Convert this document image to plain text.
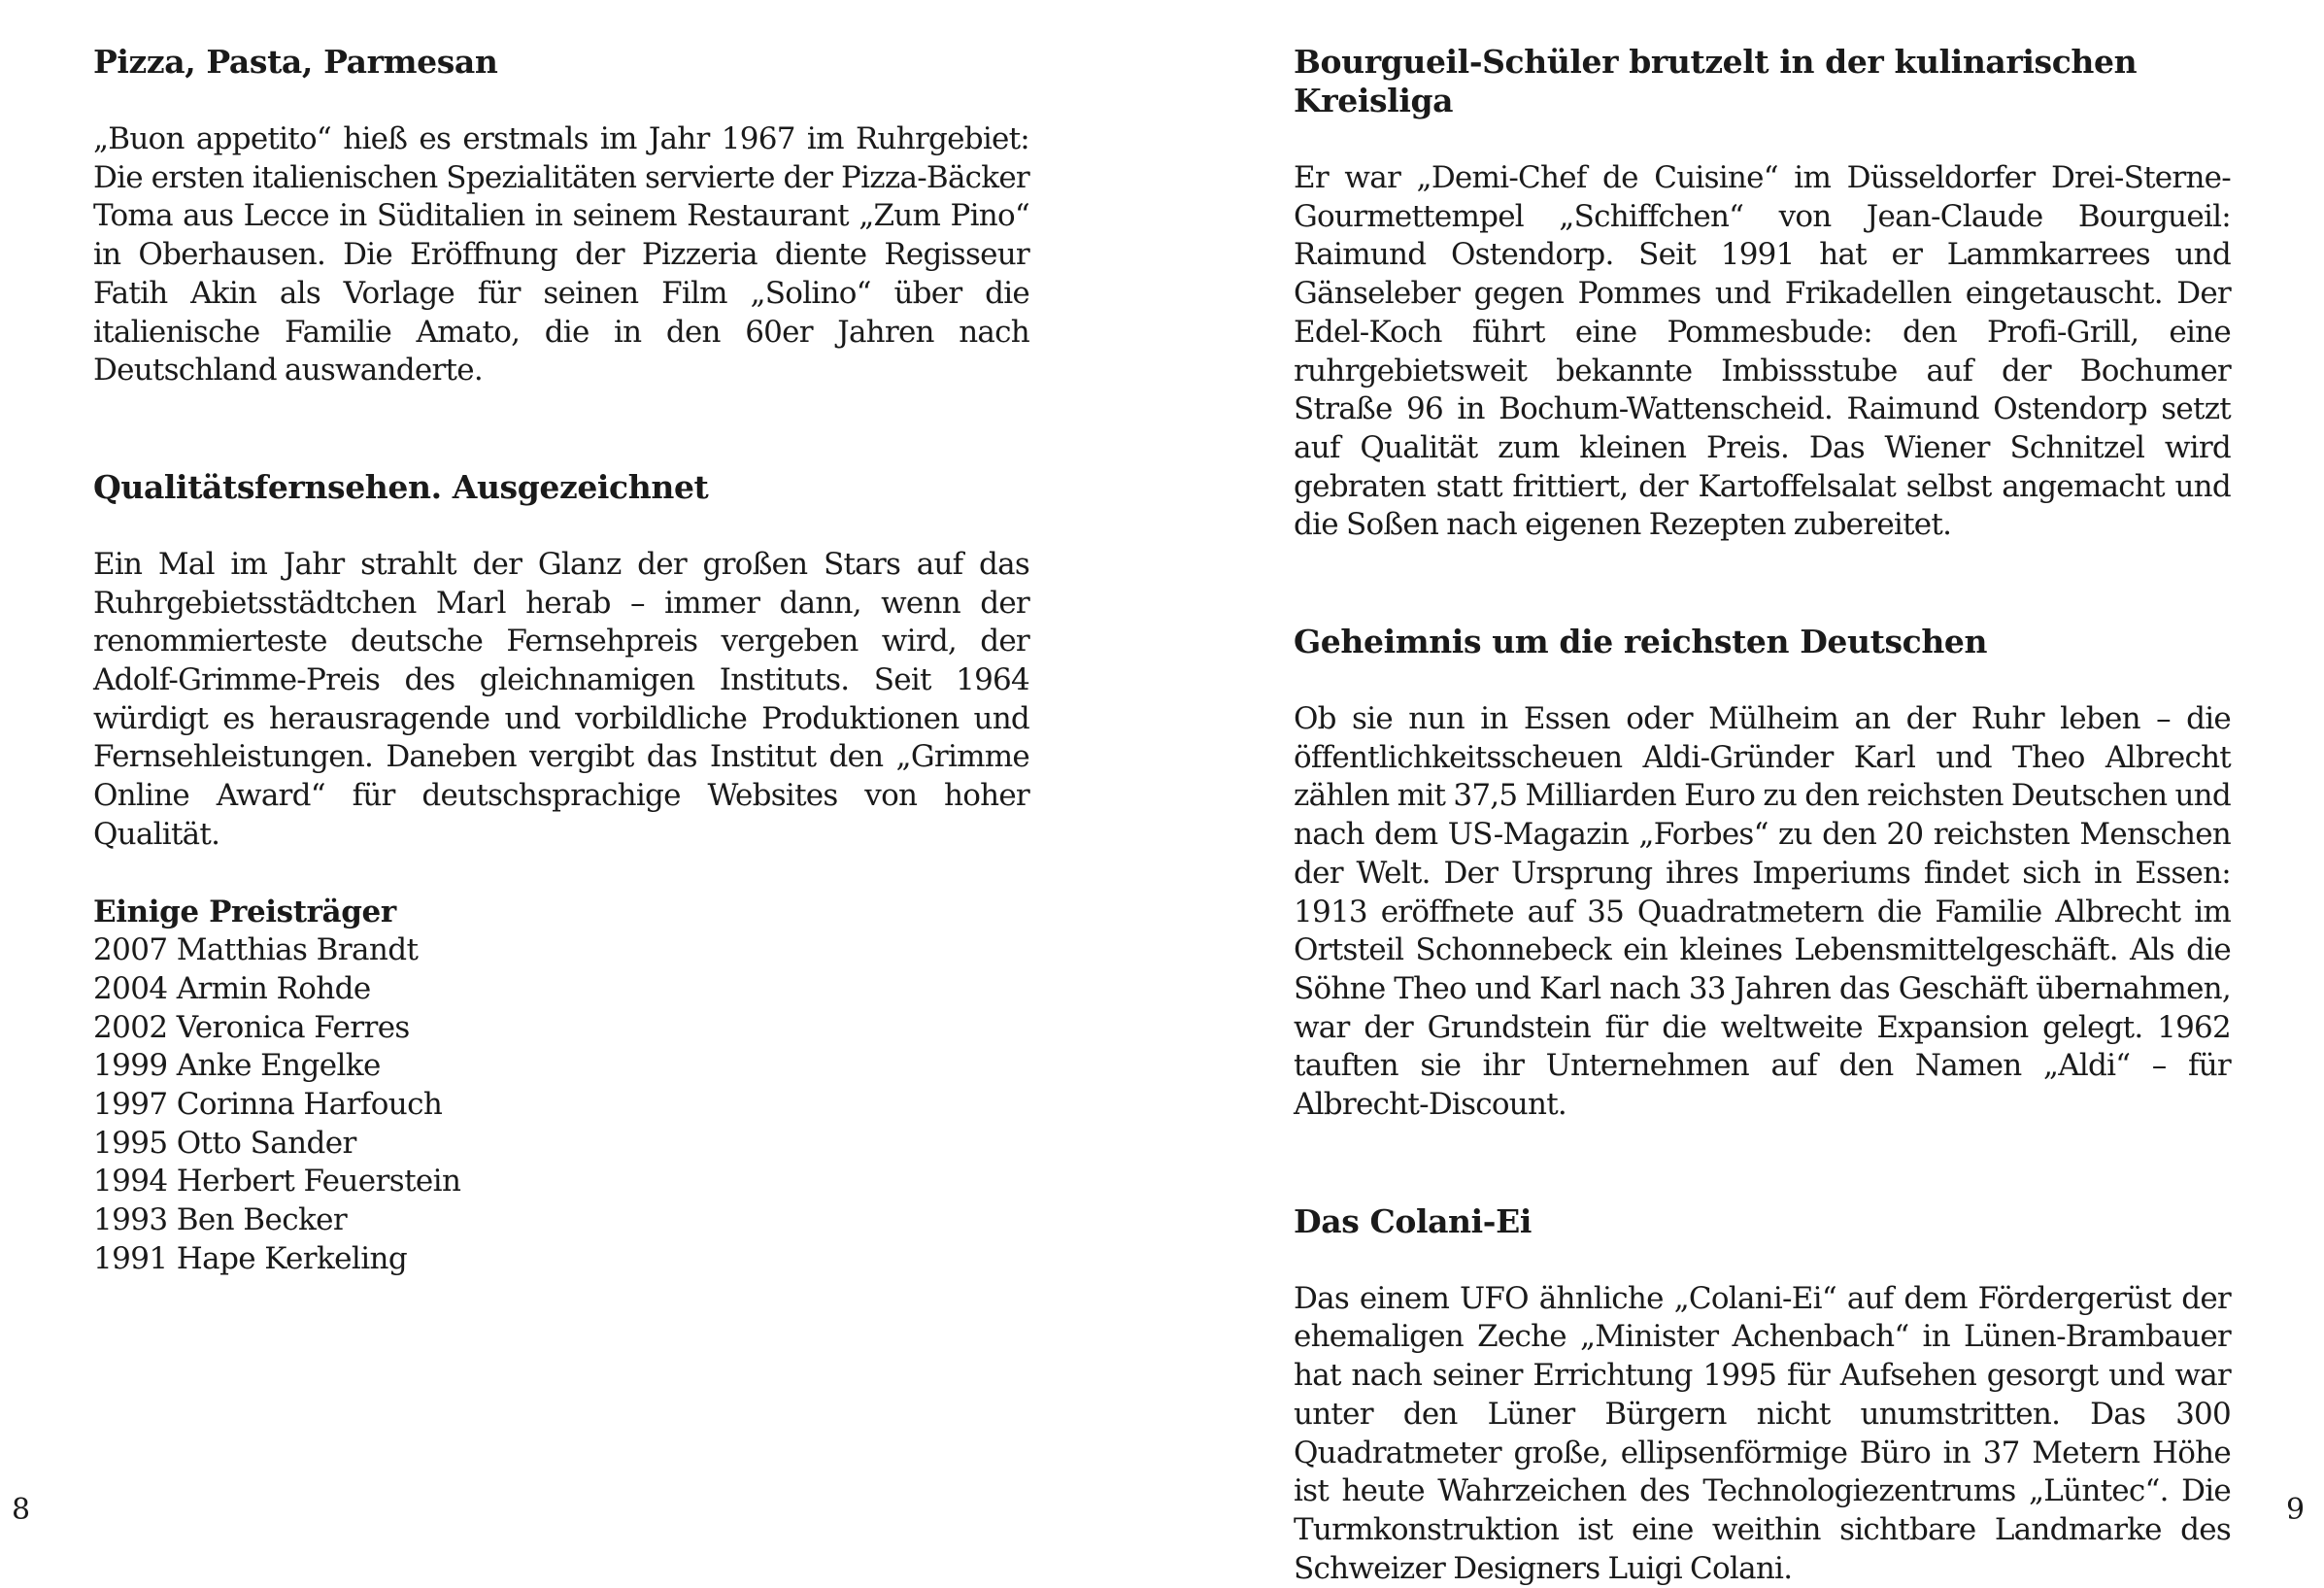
Pizza, Pasta, Parmesan

„Buon appetito“ hieß es erstmals im Jahr 1967 im Ruhrgebiet: Die ersten italienischen Spezialitäten servierte der Pizza-Bäcker Toma aus Lecce in Süditalien in seinem Restaurant „Zum Pino“ in Oberhausen. Die Eröffnung der Pizzeria diente Regisseur Fatih Akin als Vorlage für seinen Film „Solino“ über die italienische Familie Amato, die in den 60er Jahren nach Deutschland auswanderte.

Qualitätsfernsehen. Ausgezeichnet

Ein Mal im Jahr strahlt der Glanz der großen Stars auf das Ruhrgebietsstädtchen Marl herab – immer dann, wenn der renommierteste deutsche Fernsehpreis vergeben wird, der Adolf-Grimme-Preis des gleichnamigen Instituts. Seit 1964 würdigt es herausragende und vorbildliche Produktionen und Fernsehleistungen. Daneben vergibt das Institut den „Grimme Online Award“ für deutschsprachige Websites von hoher Qualität.

Einige Preisträger
2007 Matthias Brandt
2004 Armin Rohde
2002 Veronica Ferres
1999 Anke Engelke
1997 Corinna Harfouch
1995 Otto Sander
1994 Herbert Feuerstein
1993 Ben Becker
1991 Hape Kerkeling
Bourgueil-Schüler brutzelt in der kulinarischen Kreisliga

Er war „Demi-Chef de Cuisine“ im Düsseldorfer Drei-Sterne-Gourmettempel „Schiffchen“ von Jean-Claude Bourgueil: Raimund Ostendorp. Seit 1991 hat er Lammkarrees und Gänseleber gegen Pommes und Frikadellen eingetauscht. Der Edel-Koch führt eine Pommesbude: den Profi-Grill, eine ruhrgebietsweit bekannte Imbissstube auf der Bochumer Straße 96 in Bochum-Wattenscheid. Raimund Ostendorp setzt auf Qualität zum kleinen Preis. Das Wiener Schnitzel wird gebraten statt frittiert, der Kartoffelsalat selbst angemacht und die Soßen nach eigenen Rezepten zubereitet.

Geheimnis um die reichsten Deutschen

Ob sie nun in Essen oder Mülheim an der Ruhr leben – die öffentlichkeitsscheuen Aldi-Gründer Karl und Theo Albrecht zählen mit 37,5 Milliarden Euro zu den reichsten Deutschen und nach dem US-Magazin „Forbes“ zu den 20 reichsten Menschen der Welt. Der Ursprung ihres Imperiums findet sich in Essen: 1913 eröffnete auf 35 Quadratmetern die Familie Albrecht im Ortsteil Schonnebeck ein kleines Lebensmittelgeschäft. Als die Söhne Theo und Karl nach 33 Jahren das Geschäft übernahmen, war der Grundstein für die weltweite Expansion gelegt. 1962 tauften sie ihr Unternehmen auf den Namen „Aldi“ – für Albrecht-Discount.

Das Colani-Ei

Das einem UFO ähnliche „Colani-Ei“ auf dem Fördergerüst der ehemaligen Zeche „Minister Achenbach“ in Lünen-Brambauer hat nach seiner Errichtung 1995 für Aufsehen gesorgt und war unter den Lüner Bürgern nicht unumstritten. Das 300 Quadratmeter große, ellipsenförmige Büro in 37 Metern Höhe ist heute Wahrzeichen des Technologiezentrums „Lüntec“. Die Turmkonstruktion ist eine weithin sichtbare Landmarke des Schweizer Designers Luigi Colani.

8	9
